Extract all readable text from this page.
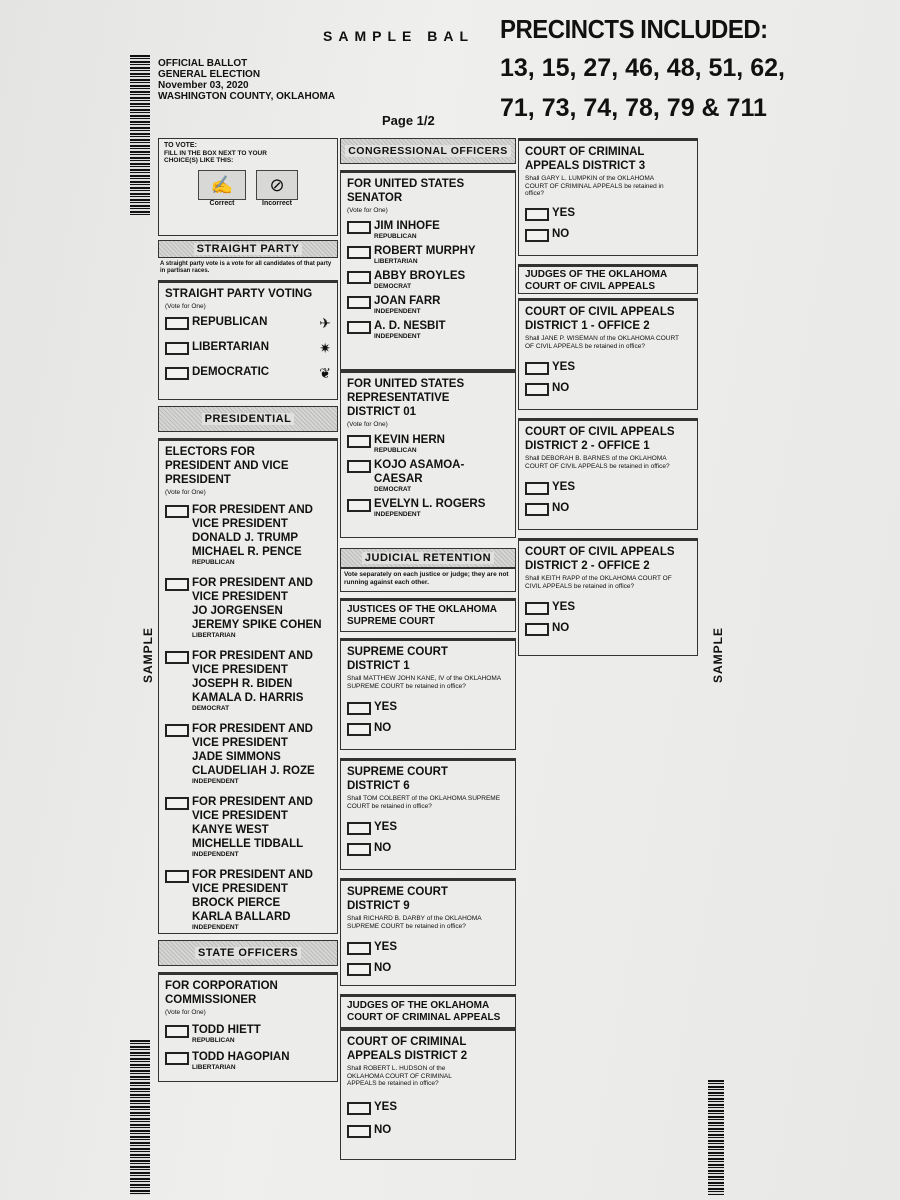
SAMPLE BAL PRECINCTS INCLUDED:
13, 15, 27, 46, 48, 51, 62,
71, 73, 74, 78, 79 & 711
OFFICIAL BALLOT
GENERAL ELECTION
November 03, 2020
WASHINGTON COUNTY, OKLAHOMA
Page 1/2
SAMPLE	SAMPLE
TO VOTE:
FILL IN THE BOX NEXT TO YOUR CHOICE(S) LIKE THIS:
✍
Correct
⊘
Incorrect
STRAIGHT PARTY
A straight party vote is a vote for all candidates of that party in partisan races.
STRAIGHT PARTY VOTING
(Vote for One)
REPUBLICAN	✈
LIBERTARIAN	✷
DEMOCRATIC	❦
PRESIDENTIAL
ELECTORS FOR PRESIDENT AND VICE PRESIDENT
(Vote for One)
FOR PRESIDENT AND VICE PRESIDENT
DONALD J. TRUMP
MICHAEL R. PENCE
REPUBLICAN
FOR PRESIDENT AND VICE PRESIDENT
JO JORGENSEN
JEREMY SPIKE COHEN
LIBERTARIAN
FOR PRESIDENT AND VICE PRESIDENT
JOSEPH R. BIDEN
KAMALA D. HARRIS
DEMOCRAT
FOR PRESIDENT AND VICE PRESIDENT
JADE SIMMONS
CLAUDELIAH J. ROZE
INDEPENDENT
FOR PRESIDENT AND VICE PRESIDENT
KANYE WEST
MICHELLE TIDBALL
INDEPENDENT
FOR PRESIDENT AND VICE PRESIDENT
BROCK PIERCE
KARLA BALLARD
INDEPENDENT
STATE OFFICERS
FOR CORPORATION COMMISSIONER
(Vote for One)
TODD HIETT
REPUBLICAN
TODD HAGOPIAN
LIBERTARIAN
CONGRESSIONAL OFFICERS
FOR UNITED STATES SENATOR
(Vote for One)
JIM INHOFE
REPUBLICAN
ROBERT MURPHY
LIBERTARIAN
ABBY BROYLES
DEMOCRAT
JOAN FARR
INDEPENDENT
A. D. NESBIT
INDEPENDENT
FOR UNITED STATES REPRESENTATIVE DISTRICT 01
(Vote for One)
KEVIN HERN
REPUBLICAN
KOJO ASAMOA-CAESAR
DEMOCRAT
EVELYN L. ROGERS
INDEPENDENT
JUDICIAL RETENTION
Vote separately on each justice or judge; they are not running against each other.
JUSTICES OF THE OKLAHOMA SUPREME COURT
SUPREME COURT DISTRICT 1
Shall MATTHEW JOHN KANE, IV of the OKLAHOMA SUPREME COURT be retained in office?
YES
NO
SUPREME COURT DISTRICT 6
Shall TOM COLBERT of the OKLAHOMA SUPREME COURT be retained in office?
YES
NO
SUPREME COURT DISTRICT 9
Shall RICHARD B. DARBY of the OKLAHOMA SUPREME COURT be retained in office?
YES
NO
JUDGES OF THE OKLAHOMA COURT OF CRIMINAL APPEALS
COURT OF CRIMINAL APPEALS DISTRICT 2
Shall ROBERT L. HUDSON of the OKLAHOMA COURT OF CRIMINAL APPEALS be retained in office?
YES
NO
COURT OF CRIMINAL APPEALS DISTRICT 3
Shall GARY L. LUMPKIN of the OKLAHOMA COURT OF CRIMINAL APPEALS be retained in office?
YES
NO
JUDGES OF THE OKLAHOMA COURT OF CIVIL APPEALS
COURT OF CIVIL APPEALS DISTRICT 1 - OFFICE 2
Shall JANE P. WISEMAN of the OKLAHOMA COURT OF CIVIL APPEALS be retained in office?
YES
NO
COURT OF CIVIL APPEALS DISTRICT 2 - OFFICE 1
Shall DEBORAH B. BARNES of the OKLAHOMA COURT OF CIVIL APPEALS be retained in office?
YES
NO
COURT OF CIVIL APPEALS DISTRICT 2 - OFFICE 2
Shall KEITH RAPP of the OKLAHOMA COURT OF CIVIL APPEALS be retained in office?
YES
NO
